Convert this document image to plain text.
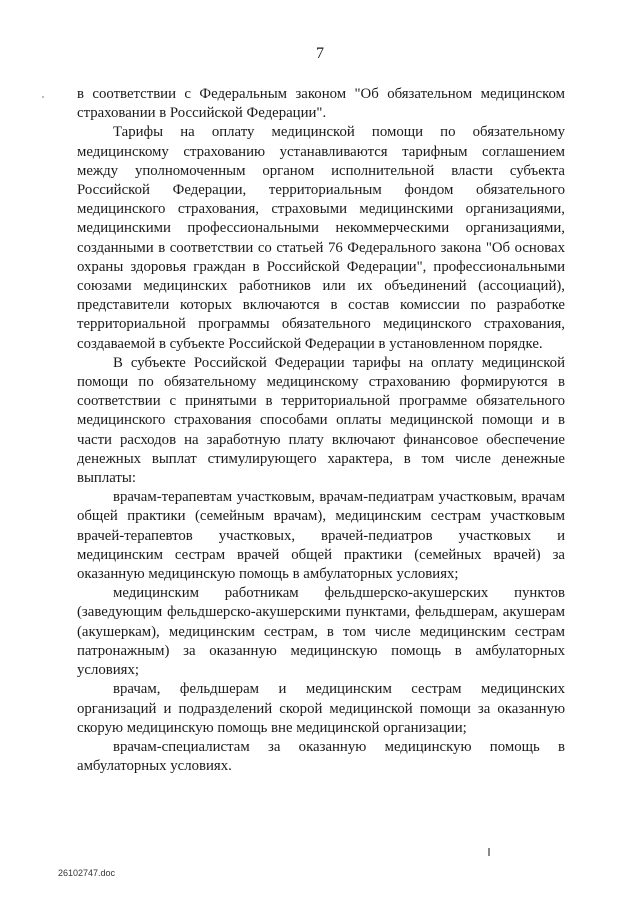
7

в соответствии с Федеральным законом "Об обязательном медицинском страховании в Российской Федерации".

Тарифы на оплату медицинской помощи по обязательному медицинскому страхованию устанавливаются тарифным соглашением между уполномоченным органом исполнительной власти субъекта Российской Федерации, территориальным фондом обязательного медицинского страхования, страховыми медицинскими организациями, медицинскими профессиональными некоммерческими организациями, созданными в соответствии со статьей 76 Федерального закона "Об основах охраны здоровья граждан в Российской Федерации", профессиональными союзами медицинских работников или их объединений (ассоциаций), представители которых включаются в состав комиссии по разработке территориальной программы обязательного медицинского страхования, создаваемой в субъекте Российской Федерации в установленном порядке.

В субъекте Российской Федерации тарифы на оплату медицинской помощи по обязательному медицинскому страхованию формируются в соответствии с принятыми в территориальной программе обязательного медицинского страхования способами оплаты медицинской помощи и в части расходов на заработную плату включают финансовое обеспечение денежных выплат стимулирующего характера, в том числе денежные выплаты:

врачам-терапевтам участковым, врачам-педиатрам участковым, врачам общей практики (семейным врачам), медицинским сестрам участковым врачей-терапевтов участковых, врачей-педиатров участковых и медицинским сестрам врачей общей практики (семейных врачей) за оказанную медицинскую помощь в амбулаторных условиях;

медицинским работникам фельдшерско-акушерских пунктов (заведующим фельдшерско-акушерскими пунктами, фельдшерам, акушерам (акушеркам), медицинским сестрам, в том числе медицинским сестрам патронажным) за оказанную медицинскую помощь в амбулаторных условиях;

врачам, фельдшерам и медицинским сестрам медицинских организаций и подразделений скорой медицинской помощи за оказанную скорую медицинскую помощь вне медицинской организации;

врачам-специалистам за оказанную медицинскую помощь в амбулаторных условиях.

26102747.doc
